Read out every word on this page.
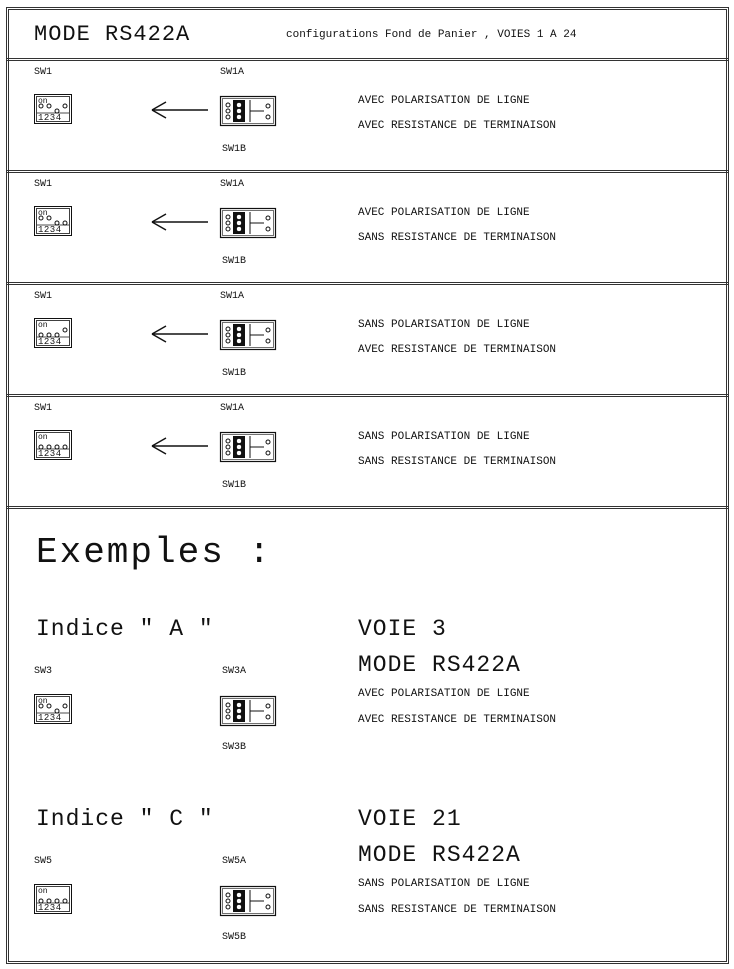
MODE RS422A	configurations Fond de Panier , VOIES 1 A 24
SW1	SW1A
SW1B
AVEC POLARISATION DE LIGNE
AVEC RESISTANCE DE TERMINAISON
on
1234
SW1	SW1A
SW1B
AVEC POLARISATION DE LIGNE
SANS RESISTANCE DE TERMINAISON
on
1234
SW1	SW1A
SW1B
SANS POLARISATION DE LIGNE
AVEC RESISTANCE DE TERMINAISON
on
1234
SW1	SW1A
SW1B
SANS POLARISATION DE LIGNE
SANS RESISTANCE DE TERMINAISON
on
1234
Exemples :
Indice " A "	VOIE 3
MODE RS422A
SW3	SW3A
SW3B
AVEC POLARISATION DE LIGNE
AVEC RESISTANCE DE TERMINAISON
on
1234
Indice " C "	VOIE 21
MODE RS422A
SW5	SW5A
SW5B
SANS POLARISATION DE LIGNE
SANS RESISTANCE DE TERMINAISON
on
1234
